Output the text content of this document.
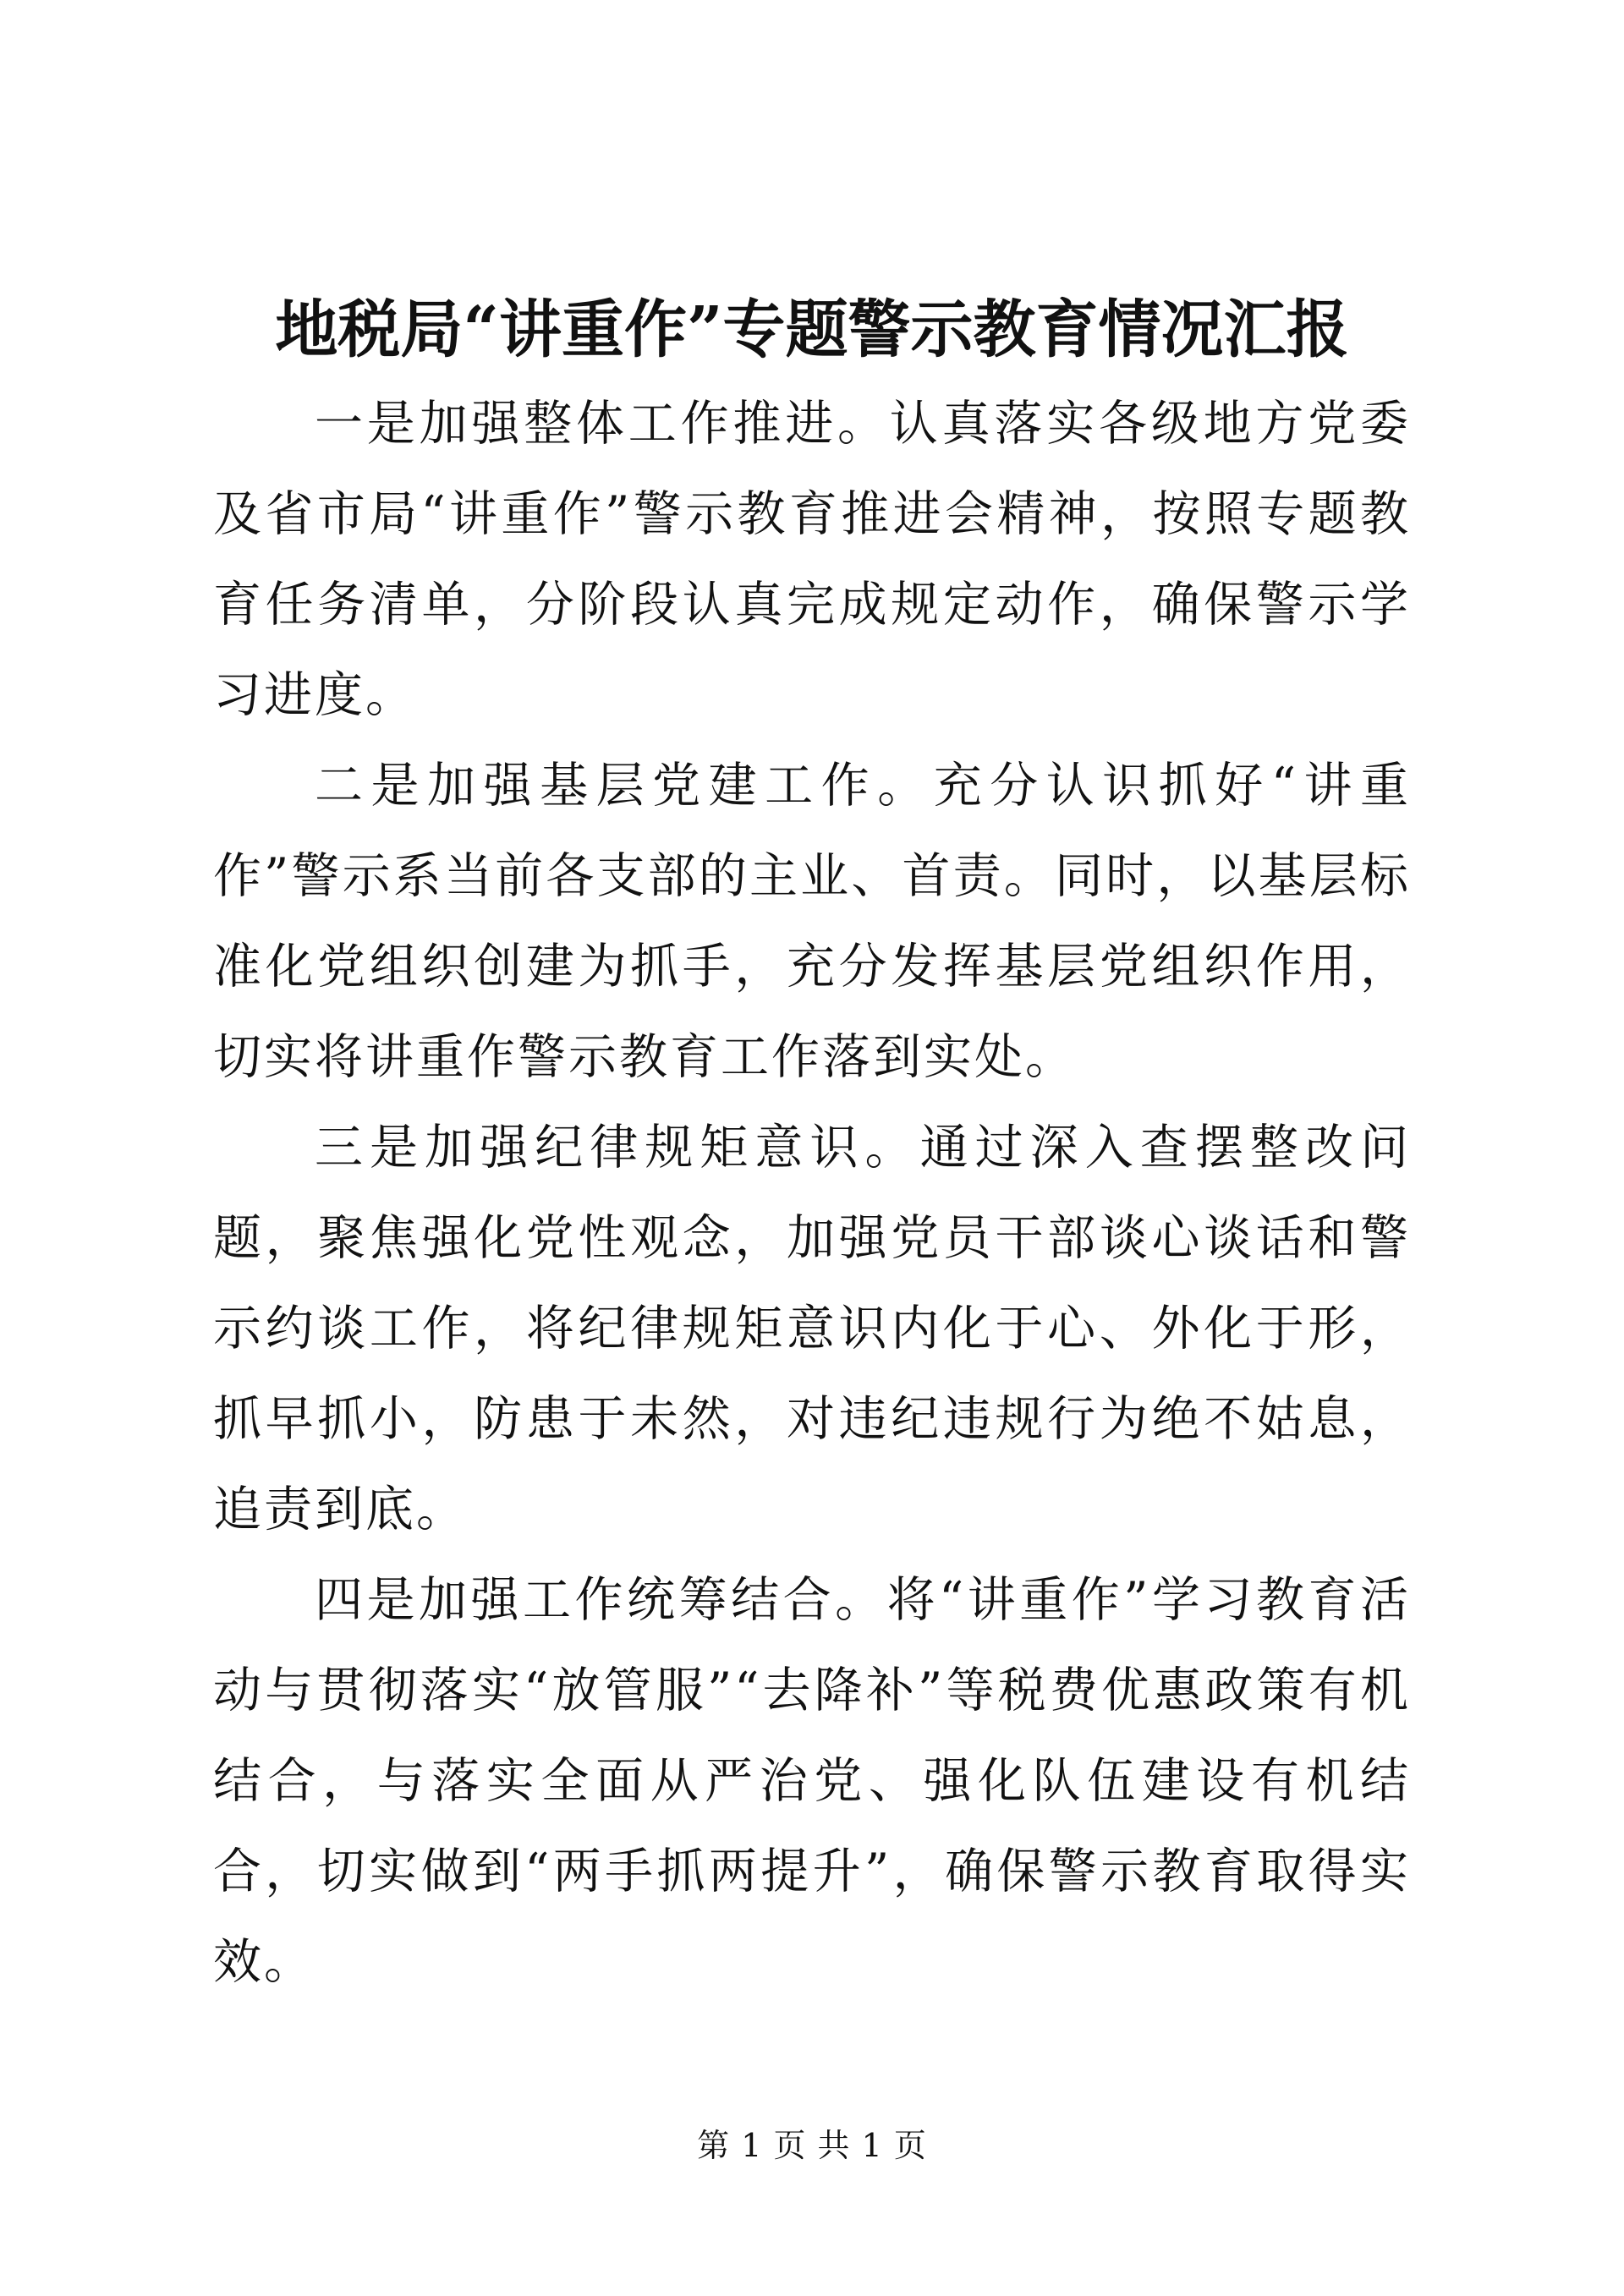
地税局“讲重作”专题警示教育情况汇报

一是加强整体工作推进。认真落实各级地方党委及省市局“讲重作”警示教育推进会精神，按照专题教育任务清单，分阶段认真完成规定动作，确保警示学习进度。

二是加强基层党建工作。充分认识抓好“讲重作”警示系当前各支部的主业、首责。同时，以基层标准化党组织创建为抓手，充分发挥基层党组织作用，切实将讲重作警示教育工作落到实处。

三是加强纪律规矩意识。通过深入查摆整改问题，聚焦强化党性观念，加强党员干部谈心谈话和警示约谈工作，将纪律规矩意识内化于心、外化于形，抓早抓小，防患于未然，对违纪违规行为绝不姑息，追责到底。

四是加强工作统筹结合。将“讲重作”学习教育活动与贯彻落实“放管服”“去降补”等税费优惠政策有机结合，与落实全面从严治党、强化队伍建设有机结合，切实做到“两手抓两提升”，确保警示教育取得实效。

第 1 页 共 1 页
